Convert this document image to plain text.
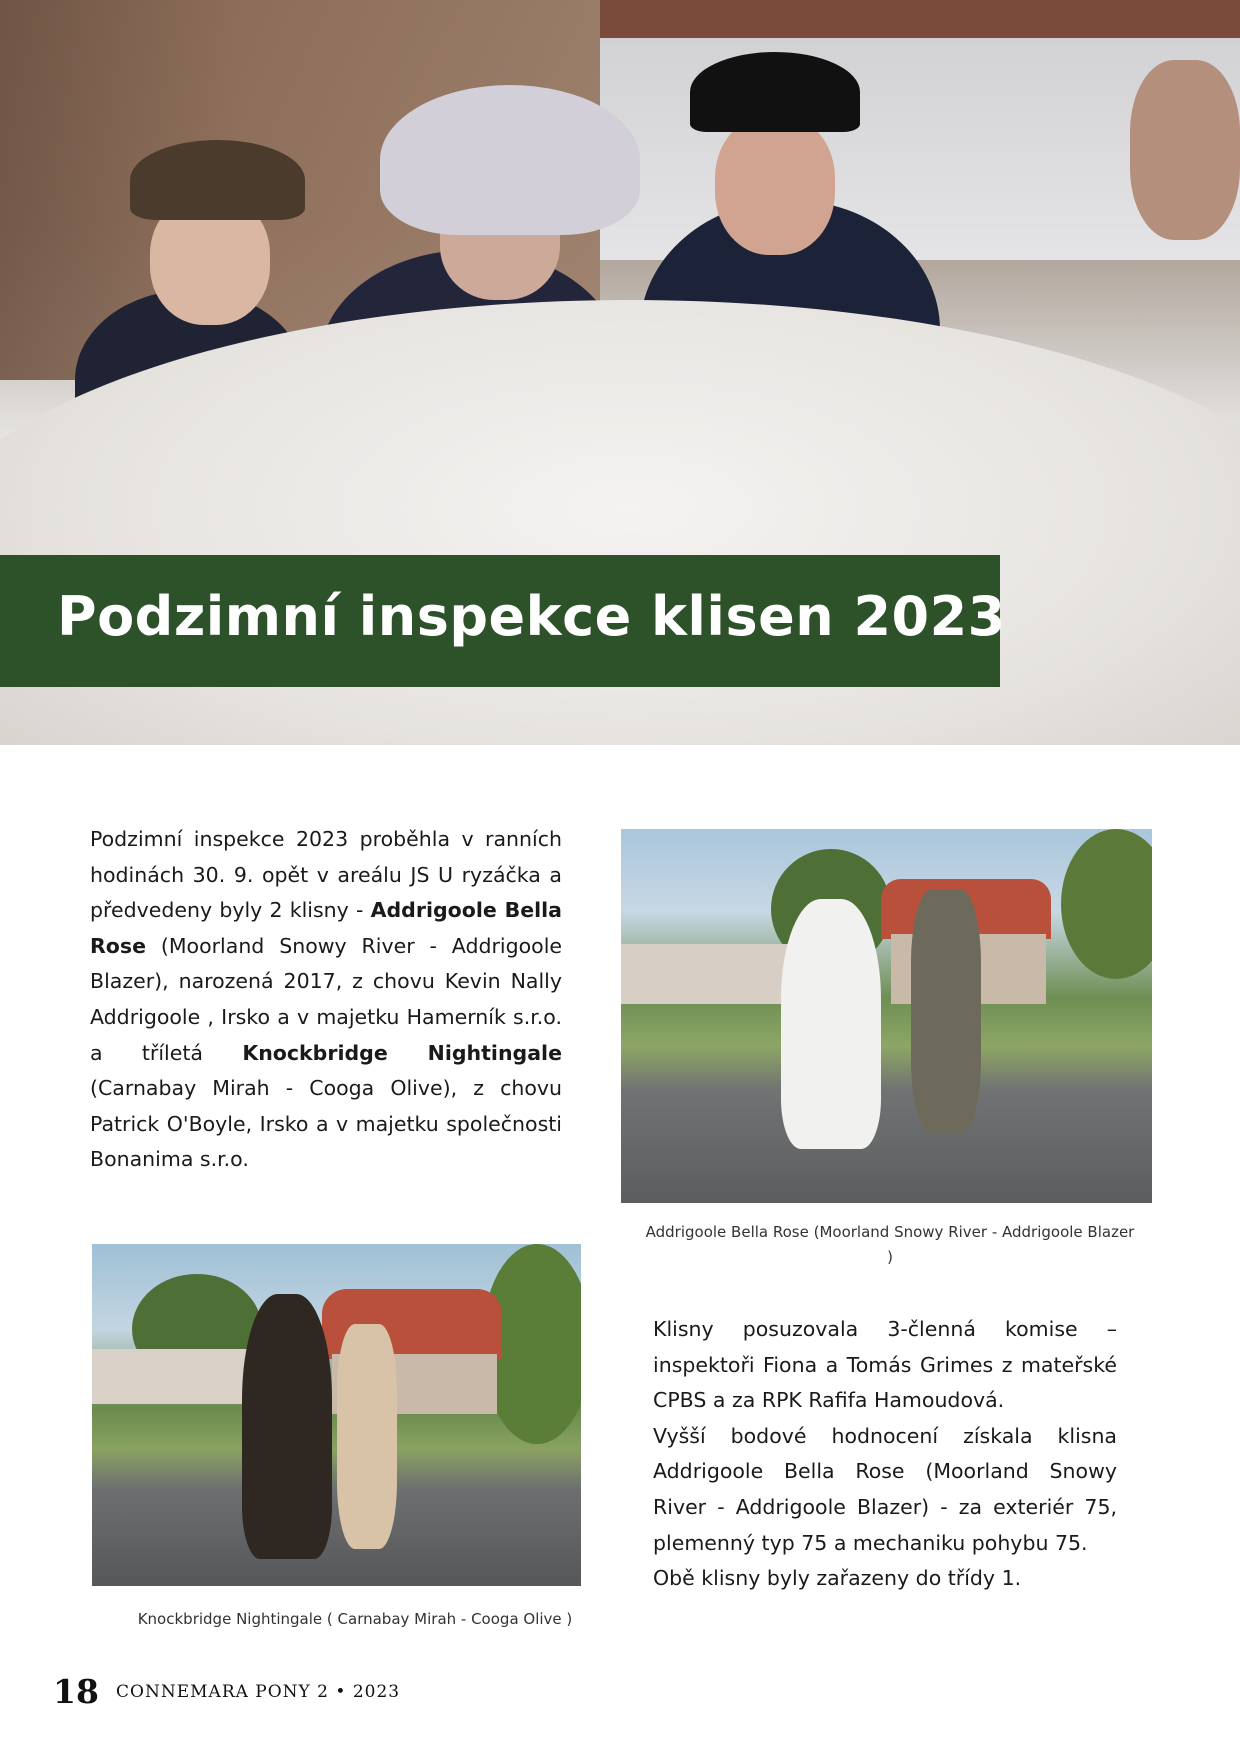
Podzimní inspekce klisen 2023
Podzimní inspekce 2023 proběhla v ranních hodinách 30. 9. opět v areálu JS U ryzáčka a předvedeny byly 2 klisny - Addrigoole Bella Rose (Moorland Snowy River - Addrigoole Blazer), narozená 2017, z chovu Kevin Nally Addrigoole , Irsko a v majetku Hamerník s.r.o. a tříletá Knockbridge Nightingale (Carnabay Mirah - Cooga Olive), z chovu Patrick O'Boyle, Irsko a v majetku společnosti Bonanima s.r.o.
Addrigoole Bella Rose (Moorland Snowy River - Addrigoole Blazer )
Knockbridge Nightingale ( Carnabay Mirah - Cooga Olive )

Klisny posuzovala 3-členná komise – inspektoři Fiona a Tomás Grimes z mateřské CPBS a za RPK Rafifa Hamoudová.

Vyšší bodové hodnocení získala klisna Addrigoole Bella Rose (Moorland Snowy River - Addrigoole Blazer) - za exteriér 75, plemenný typ 75 a mechaniku pohybu 75.

Obě klisny byly zařazeny do třídy 1.

18 CONNEMARA PONY 2 • 2023
